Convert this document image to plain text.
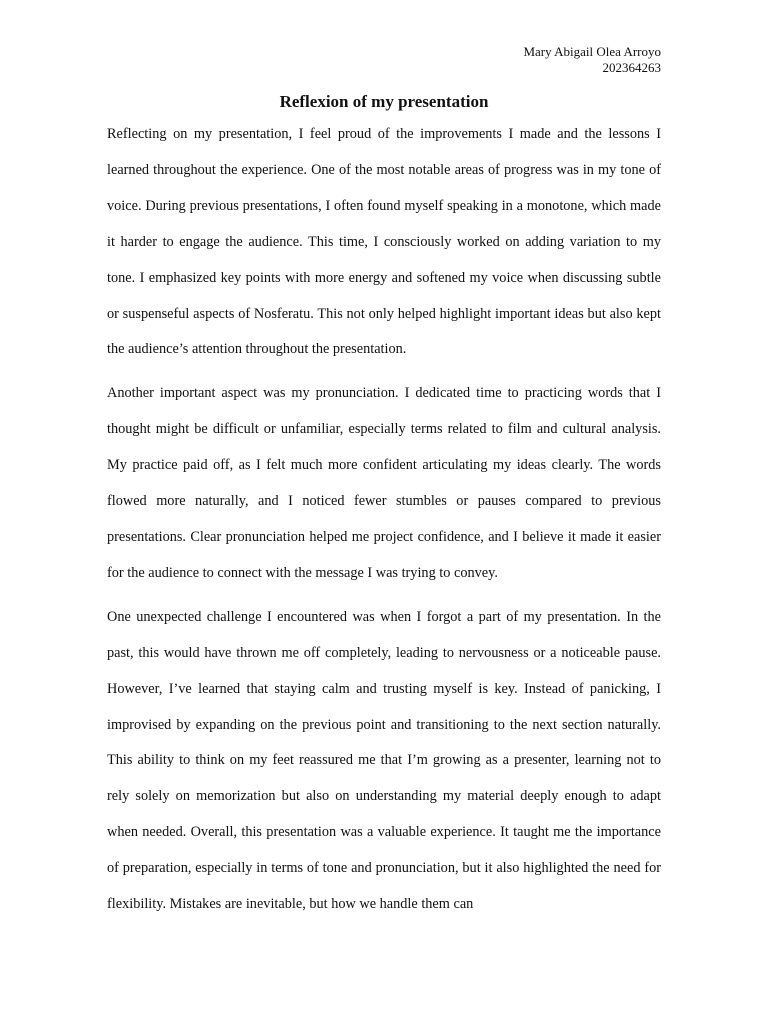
Mary Abigail Olea Arroyo
202364263
Reflexion of my presentation

Reflecting on my presentation, I feel proud of the improvements I made and the lessons I learned throughout the experience. One of the most notable areas of progress was in my tone of voice. During previous presentations, I often found myself speaking in a monotone, which made it harder to engage the audience. This time, I consciously worked on adding variation to my tone. I emphasized key points with more energy and softened my voice when discussing subtle or suspenseful aspects of Nosferatu. This not only helped highlight important ideas but also kept the audience’s attention throughout the presentation.

Another important aspect was my pronunciation. I dedicated time to practicing words that I thought might be difficult or unfamiliar, especially terms related to film and cultural analysis. My practice paid off, as I felt much more confident articulating my ideas clearly. The words flowed more naturally, and I noticed fewer stumbles or pauses compared to previous presentations. Clear pronunciation helped me project confidence, and I believe it made it easier for the audience to connect with the message I was trying to convey.

One unexpected challenge I encountered was when I forgot a part of my presentation. In the past, this would have thrown me off completely, leading to nervousness or a noticeable pause. However, I’ve learned that staying calm and trusting myself is key. Instead of panicking, I improvised by expanding on the previous point and transitioning to the next section naturally. This ability to think on my feet reassured me that I’m growing as a presenter, learning not to rely solely on memorization but also on understanding my material deeply enough to adapt when needed. Overall, this presentation was a valuable experience. It taught me the importance of preparation, especially in terms of tone and pronunciation, but it also highlighted the need for flexibility. Mistakes are inevitable, but how we handle them can
